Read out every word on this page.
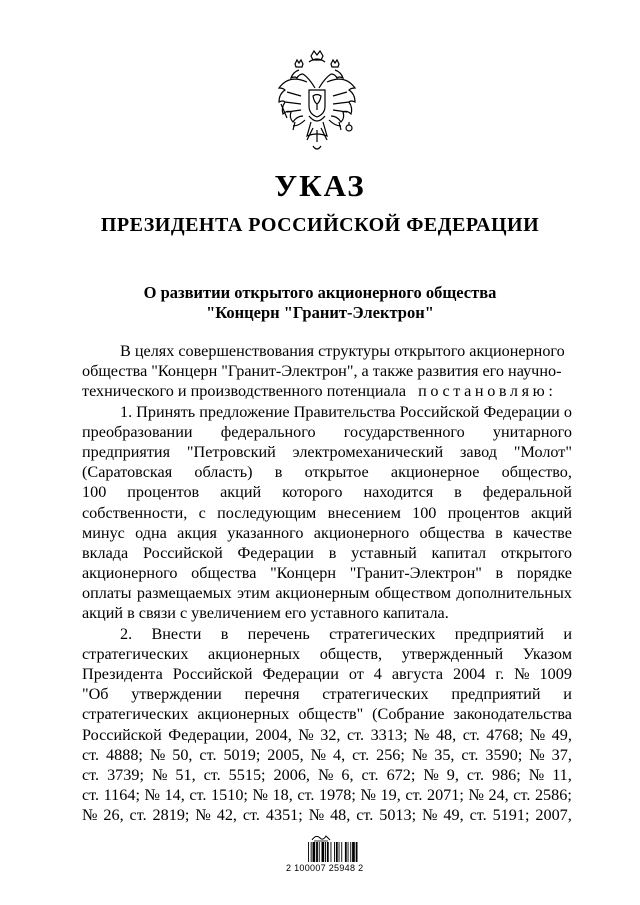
УКАЗ
ПРЕЗИДЕНТА РОССИЙСКОЙ ФЕДЕРАЦИИ
О развитии открытого акционерного общества
"Концерн "Гранит-Электрон"
В целях совершенствования структуры открытого акционерного
общества "Концерн "Гранит-Электрон", а также развития его научно-
технического и производственного потенциала постановляю:
1. Принять предложение Правительства Российской Федерации о
преобразовании федерального государственного унитарного
предприятия "Петровский электромеханический завод "Молот"
(Саратовская область) в открытое акционерное общество,
100 процентов акций которого находится в федеральной
собственности, с последующим внесением 100 процентов акций
минус одна акция указанного акционерного общества в качестве
вклада Российской Федерации в уставный капитал открытого
акционерного общества "Концерн "Гранит-Электрон" в порядке
оплаты размещаемых этим акционерным обществом дополнительных
акций в связи с увеличением его уставного капитала.
2. Внести в перечень стратегических предприятий и
стратегических акционерных обществ, утвержденный Указом
Президента Российской Федерации от 4 августа 2004 г. № 1009
"Об утверждении перечня стратегических предприятий и
стратегических акционерных обществ" (Собрание законодательства
Российской Федерации, 2004, № 32, ст. 3313; № 48, ст. 4768; № 49,
ст. 4888; № 50, ст. 5019; 2005, № 4, ст. 256; № 35, ст. 3590; № 37,
ст. 3739; № 51, ст. 5515; 2006, № 6, ст. 672; № 9, ст. 986; № 11,
ст. 1164; № 14, ст. 1510; № 18, ст. 1978; № 19, ст. 2071; № 24, ст. 2586;
№ 26, ст. 2819; № 42, ст. 4351; № 48, ст. 5013; № 49, ст. 5191; 2007,
2 100007 25948 2
